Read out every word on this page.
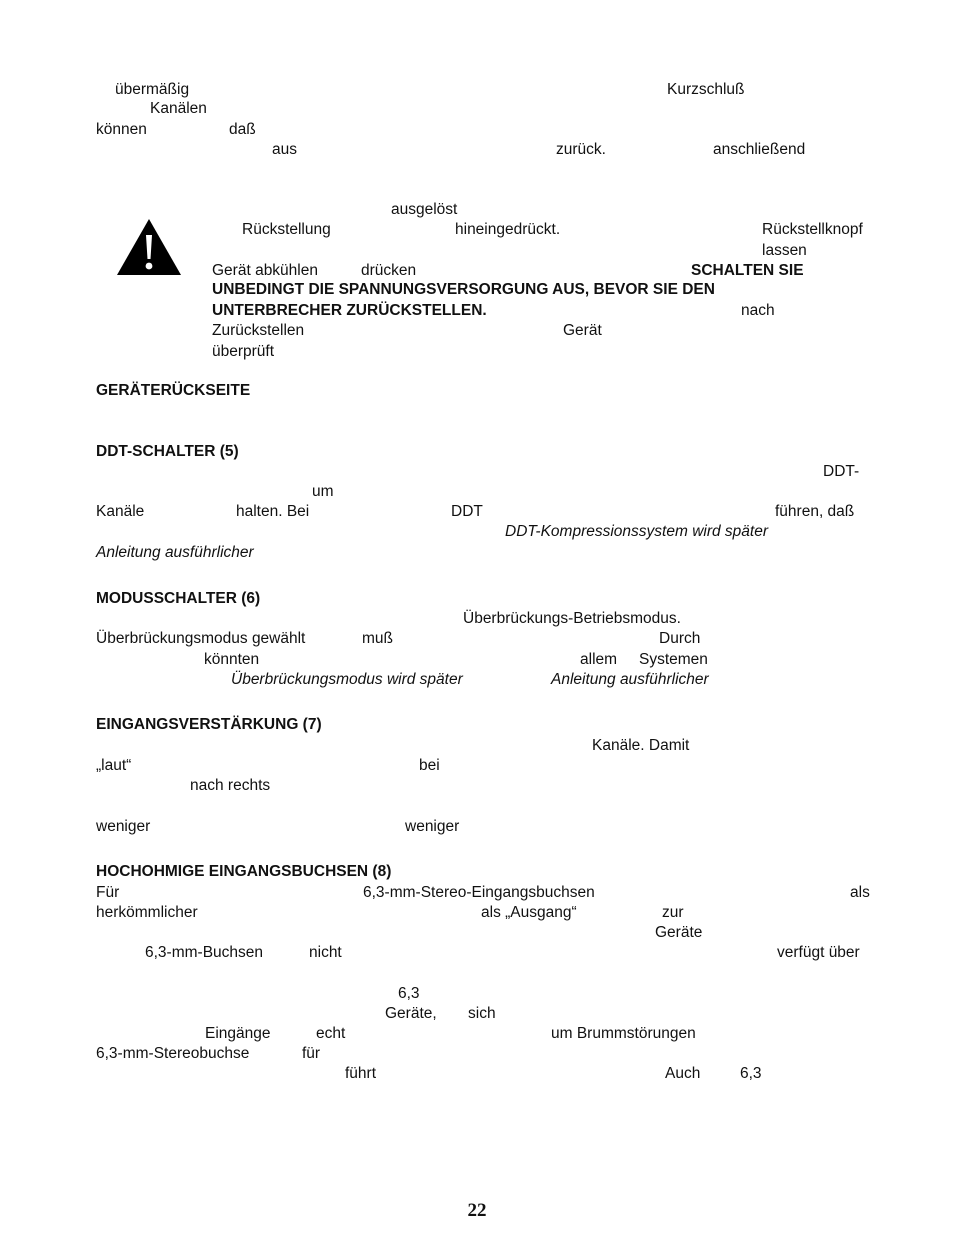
übermäßig	Kurzschluß
Kanälen
können	daß
aus	zurück.	anschließend
ausgelöst
Rückstellung	hineingedrückt.	Rückstellknopf
lassen
Gerät abkühlen	drücken	SCHALTEN SIE
UNBEDINGT DIE SPANNUNGSVERSORGUNG AUS, BEVOR SIE DEN
UNTERBRECHER ZURÜCKSTELLEN.	nach
Zurückstellen	Gerät
überprüft
GERÄTERÜCKSEITE
DDT-SCHALTER (5)
DDT-
um
Kanäle	halten. Bei	DDT	führen, daß
DDT-Kompressionssystem wird später
Anleitung ausführlicher
MODUSSCHALTER (6)
Überbrückungs-Betriebsmodus.
Überbrückungsmodus gewählt	muß	Durch
könnten	allem Systemen
Überbrückungsmodus wird später	Anleitung ausführlicher
EINGANGSVERSTÄRKUNG (7)
Kanäle. Damit
„laut“	bei
nach rechts
weniger	weniger
HOCHOHMIGE EINGANGSBUCHSEN (8)
Für	6,3-mm-Stereo-Eingangsbuchsen	als
herkömmlicher	als „Ausgang“	zur
Geräte
6,3-mm-Buchsen	nicht	verfügt über
6,3
Geräte, sich
Eingänge	echt	um Brummstörungen
6,3-mm-Stereobuchse	für
führt	Auch	6,3
22
